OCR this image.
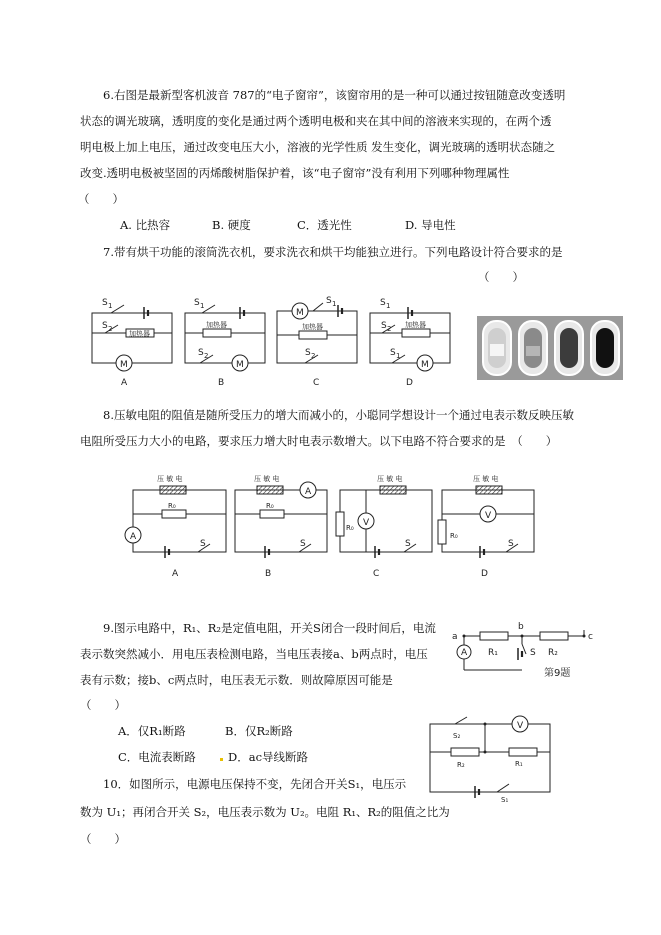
6.右图是最新型客机波音 787的“电子窗帘”，该窗帘用的是一种可以通过按钮随意改变透明

状态的调光玻璃，透明度的变化是通过两个透明电极和夹在其中间的溶液来实现的，在两个透

明电极上加上电压，通过改变电压大小，溶液的光学性质 发生变化，调光玻璃的透明状态随之

改变.透明电极被坚固的丙烯酸树脂保护着，该“电子窗帘”没有利用下列哪种物理属性

（　　）
A. 比热容	B. 硬度	C．透光性	D. 导电性
7.带有烘干功能的滚筒洗衣机，要求洗衣和烘干均能独立进行。下列电路设计符合要求的是
（　　）
S 1
S 2
加热器
M
A
S 1
加热器
S 2
M
B
M
S 1
加热器
S 2
C
S 1
S 2 加热器
S 1
M
D
8.压敏电阻的阻值是随所受压力的增大而减小的，小聪同学想设计一个通过电表示数反映压敏
电阻所受压力大小的电路，要求压力增大时电表示数增大。以下电路不符合要求的是　（　　）
压 敏 电
R₀
A
S
A
压 敏 电
A
R₀
S
B
压 敏 电
R₀ V
S
C
压 敏 电
V
R₀
S
D

9.图示电路中，R₁、R₂是定值电阻，开关S闭合一段时间后，电流

表示数突然减小．用电压表检测电路，当电压表接a、b两点时，电压

表有示数；接b、c两点时，电压表无示数．则故障原因可能是

（　　）
A．仅R₁断路	B．仅R₂断路
C．电流表断路	D．ac导线断路
a
b
c
A R₁	R₂
S
第9题
10．如图所示，电源电压保持不变，先闭合开关S₁，电压示
数为 U₁；再闭合开关 S₂，电压表示数为 U₂。电阻 R₁、R₂的阻值之比为
（　　）
S₂
V
R₂	R₁
S₁
